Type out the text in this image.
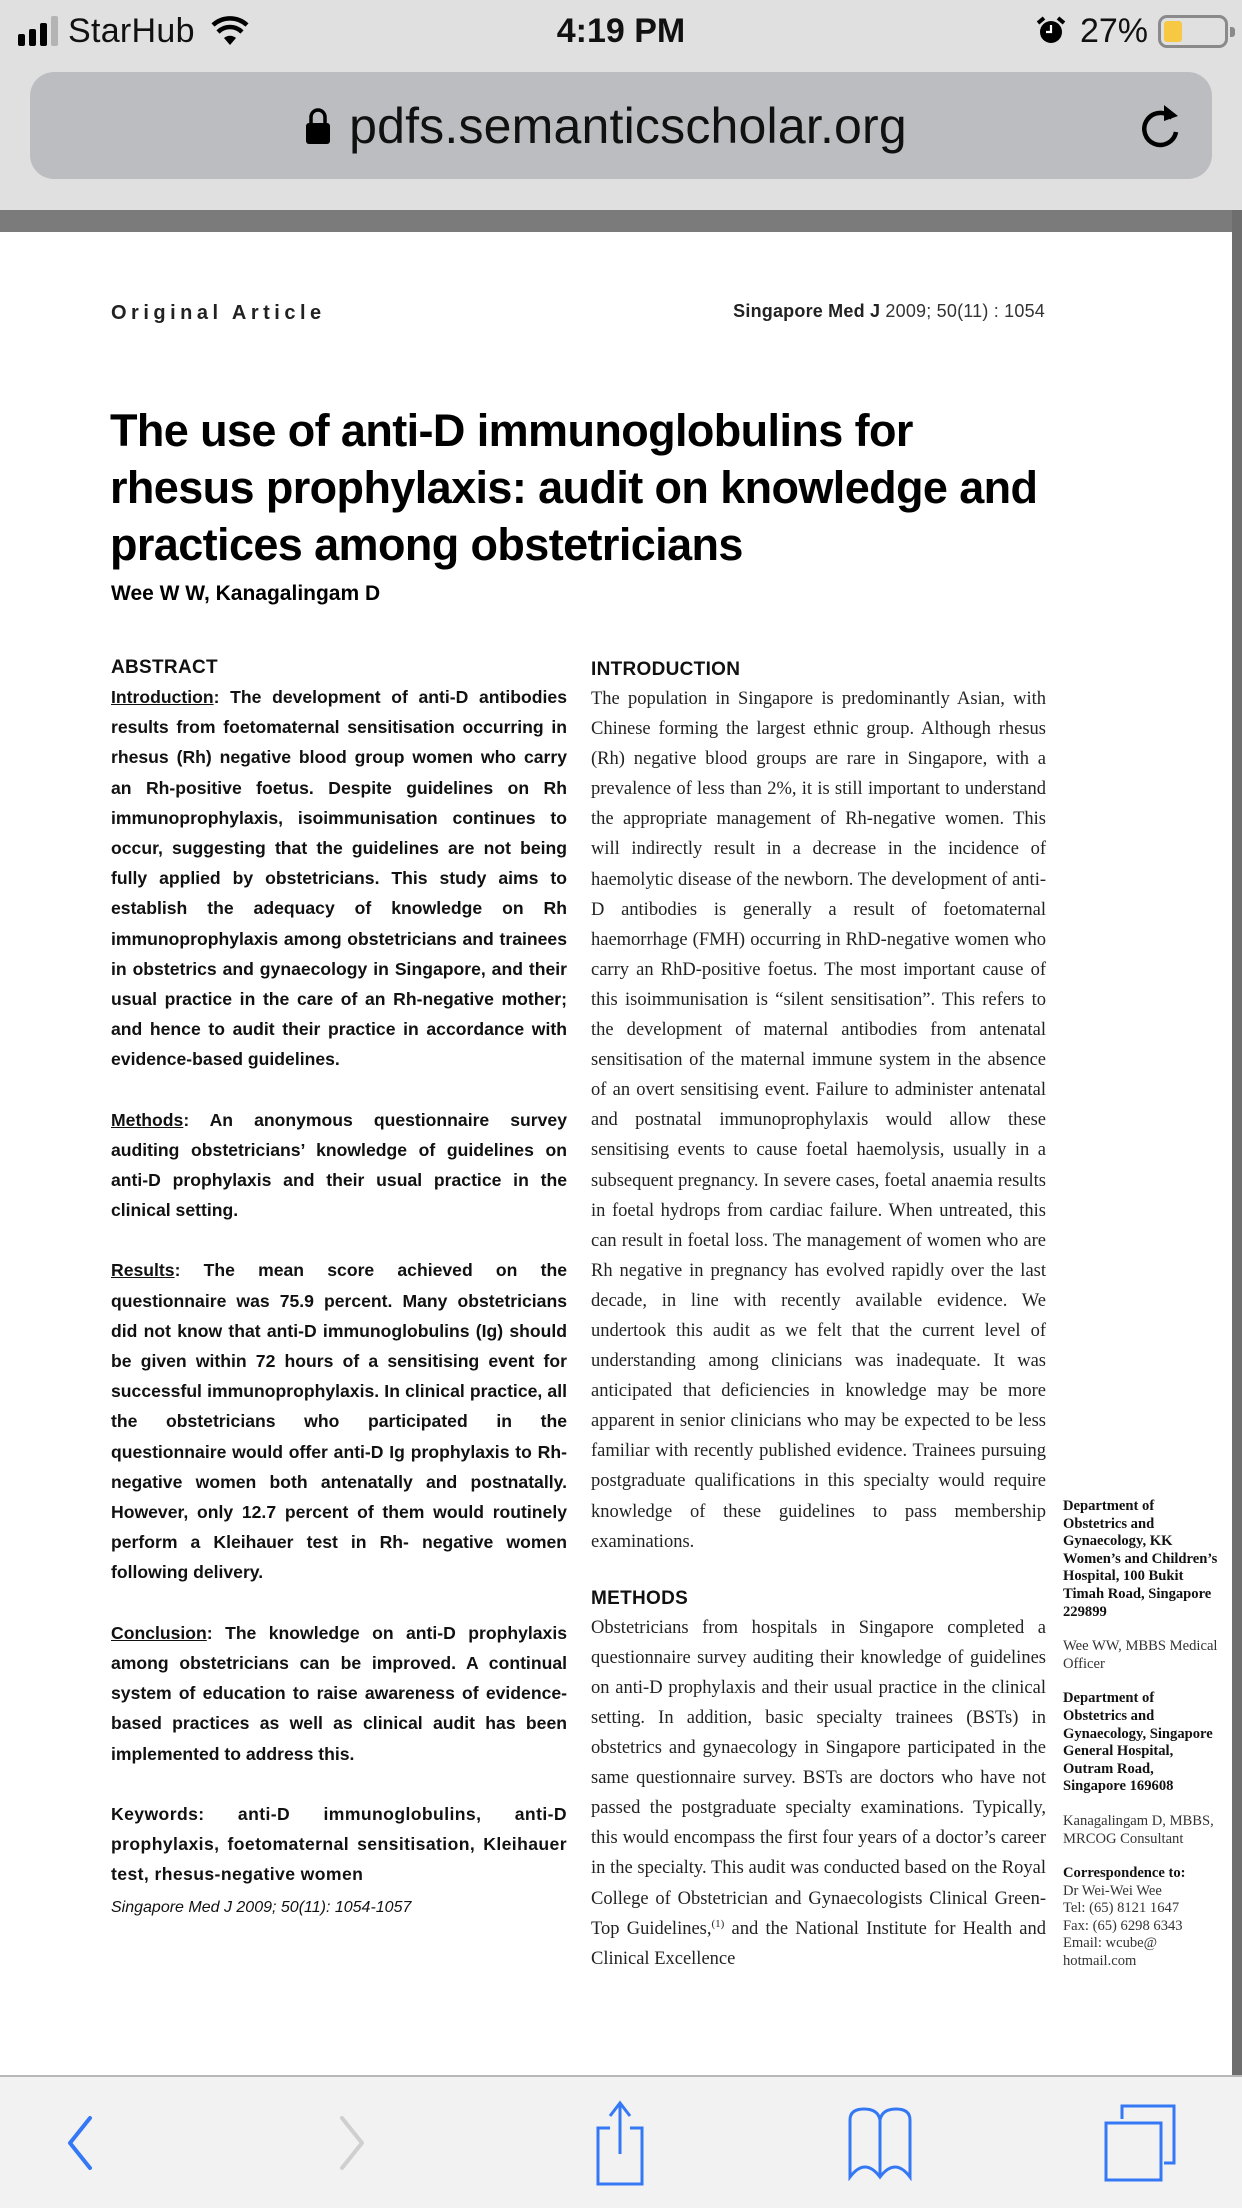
StarHub	4:19 PM	27%
pdfs.semanticscholar.org
Original Article	Singapore Med J 2009; 50(11) : 1054
The use of anti-D immunoglobulins for rhesus prophylaxis: audit on knowledge and practices among obstetricians
Wee W W, Kanagalingam D
ABSTRACT

Introduction: The development of anti-D antibodies results from foetomaternal sensitisation occurring in rhesus (Rh) negative blood group women who carry an Rh-positive foetus. Despite guidelines on Rh immunoprophylaxis, isoimmunisation continues to occur, suggesting that the guidelines are not being fully applied by obstetricians. This study aims to establish the adequacy of knowledge on Rh immunoprophylaxis among obstetricians and trainees in obstetrics and gynaecology in Singapore, and their usual practice in the care of an Rh-negative mother; and hence to audit their practice in accordance with evidence-based guidelines.

Methods: An anonymous questionnaire survey auditing obstetricians’ knowledge of guidelines on anti-D prophylaxis and their usual practice in the clinical setting.

Results: The mean score achieved on the questionnaire was 75.9 percent. Many obstetricians did not know that anti-D immunoglobulins (Ig) should be given within 72 hours of a sensitising event for successful immunoprophylaxis. In clinical practice, all the obstetricians who participated in the questionnaire would offer anti-D Ig prophylaxis to Rh-negative women both antenatally and postnatally. However, only 12.7 percent of them would routinely perform a Kleihauer test in Rh- negative women following delivery.

Conclusion: The knowledge on anti-D prophylaxis among obstetricians can be improved. A continual system of education to raise awareness of evidence-based practices as well as clinical audit has been implemented to address this.

Keywords: anti-D immunoglobulins, anti-D prophylaxis, foetomaternal sensitisation, Kleihauer test, rhesus-negative women

Singapore Med J 2009; 50(11): 1054-1057
INTRODUCTION

The population in Singapore is predominantly Asian, with Chinese forming the largest ethnic group. Although rhesus (Rh) negative blood groups are rare in Singapore, with a prevalence of less than 2%, it is still important to understand the appropriate management of Rh-negative women. This will indirectly result in a decrease in the incidence of haemolytic disease of the newborn. The development of anti-D antibodies is generally a result of foetomaternal haemorrhage (FMH) occurring in RhD-negative women who carry an RhD-positive foetus. The most important cause of this isoimmunisation is “silent sensitisation”. This refers to the development of maternal antibodies from antenatal sensitisation of the maternal immune system in the absence of an overt sensitising event. Failure to administer antenatal and postnatal immunoprophylaxis would allow these sensitising events to cause foetal haemolysis, usually in a subsequent pregnancy. In severe cases, foetal anaemia results in foetal hydrops from cardiac failure. When untreated, this can result in foetal loss. The management of women who are Rh negative in pregnancy has evolved rapidly over the last decade, in line with recently available evidence. We undertook this audit as we felt that the current level of understanding among clinicians was inadequate. It was anticipated that deficiencies in knowledge may be more apparent in senior clinicians who may be expected to be less familiar with recently published evidence. Trainees pursuing postgraduate qualifications in this specialty would require knowledge of these guidelines to pass membership examinations.

METHODS

Obstetricians from hospitals in Singapore completed a questionnaire survey auditing their knowledge of guidelines on anti-D prophylaxis and their usual practice in the clinical setting. In addition, basic specialty trainees (BSTs) in obstetrics and gynaecology in Singapore participated in the same questionnaire survey. BSTs are doctors who have not passed the postgraduate specialty examinations. Typically, this would encompass the first four years of a doctor’s career in the specialty. This audit was conducted based on the Royal College of Obstetrician and Gynaecologists Clinical Green-Top Guidelines,$^{(1)}$ and the National Institute for Health and Clinical Excellence

Department of Obstetrics and Gynaecology, KK Women’s and Children’s Hospital, 100 Bukit Timah Road, Singapore 229899
Wee WW, MBBS Medical Officer
Department of Obstetrics and Gynaecology, Singapore General Hospital, Outram Road, Singapore 169608
Kanagalingam D, MBBS, MRCOG Consultant
Correspondence to:
Dr Wei-Wei Wee
Tel: (65) 8121 1647
Fax: (65) 6298 6343
Email: wcube@ hotmail.com
